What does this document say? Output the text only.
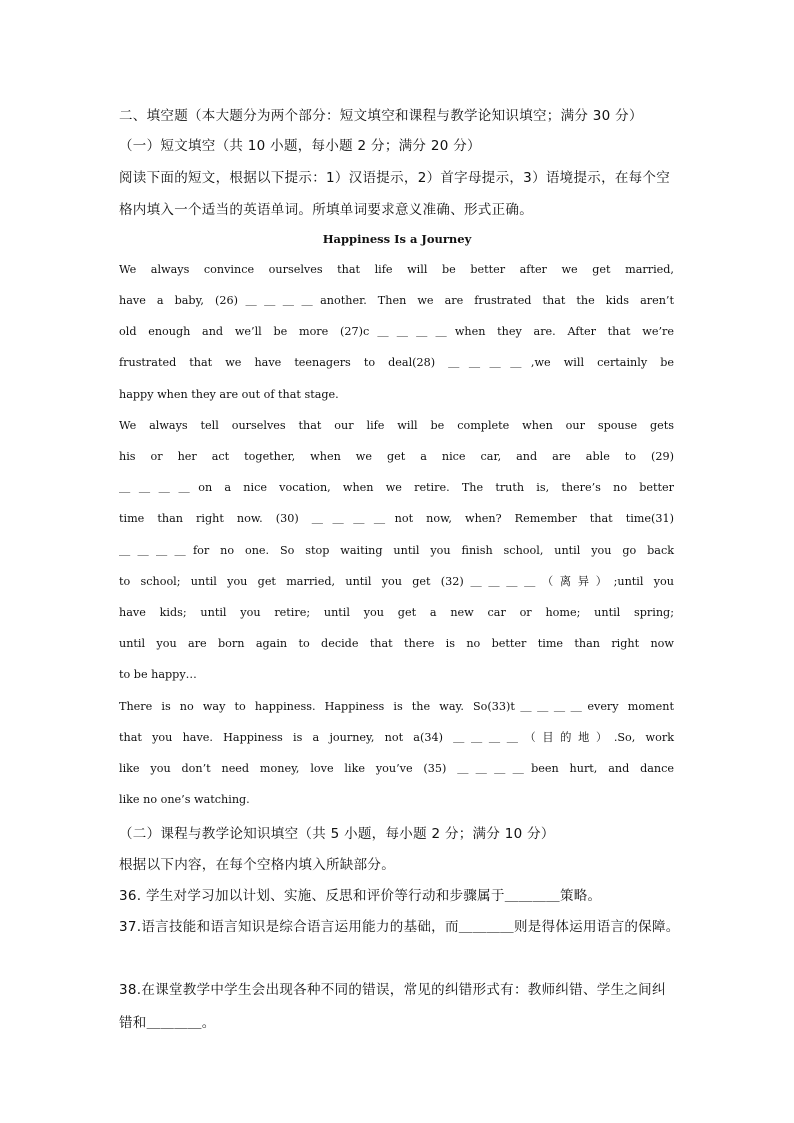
二、填空题（本大题分为两个部分：短文填空和课程与教学论知识填空；满分 30 分）
（一）短文填空（共 10 小题，每小题 2 分；满分 20 分）
阅读下面的短文，根据以下提示：1）汉语提示，2）首字母提示，3）语境提示，在每个空
格内填入一个适当的英语单词。所填单词要求意义准确、形式正确。
Happiness Is a Journey
We always convince ourselves that life will be better after we get married,
have a baby, (26)＿＿＿＿another. Then we are frustrated that the kids aren’t
old enough and we’ll be more (27)c＿＿＿＿when they are. After that we’re
frustrated that we have teenagers to deal(28) ＿＿＿＿,we will certainly be
happy when they are out of that stage.
We always tell ourselves that our life will be complete when our spouse gets
his or her act together, when we get a nice car, and are able to (29)
＿＿＿＿on a nice vocation, when we retire. The truth is, there’s no better
time than right now. (30) ＿＿＿＿not now, when? Remember that time(31)
＿＿＿＿for no one. So stop waiting until you finish school, until you go back
to school; until you get married, until you get (32)＿＿＿＿（离异）;until you
have kids; until you retire; until you get a new car or home; until spring;
until you are born again to decide that there is no better time than right now
to be happy…
There is no way to happiness. Happiness is the way. So(33)t＿＿＿＿every moment
that you have. Happiness is a journey, not a(34) ＿＿＿＿（目的地）.So, work
like you don’t need money, love like you’ve (35) ＿＿＿＿been hurt, and dance
like no one’s watching.
（二）课程与教学论知识填空（共 5 小题，每小题 2 分；满分 10 分）
根据以下内容，在每个空格内填入所缺部分。
36. 学生对学习加以计划、实施、反思和评价等行动和步骤属于＿＿＿＿策略。
37.语言技能和语言知识是综合语言运用能力的基础，而＿＿＿＿则是得体运用语言的保障。
38.在课堂教学中学生会出现各种不同的错误，常见的纠错形式有：教师纠错、学生之间纠
错和＿＿＿＿。
